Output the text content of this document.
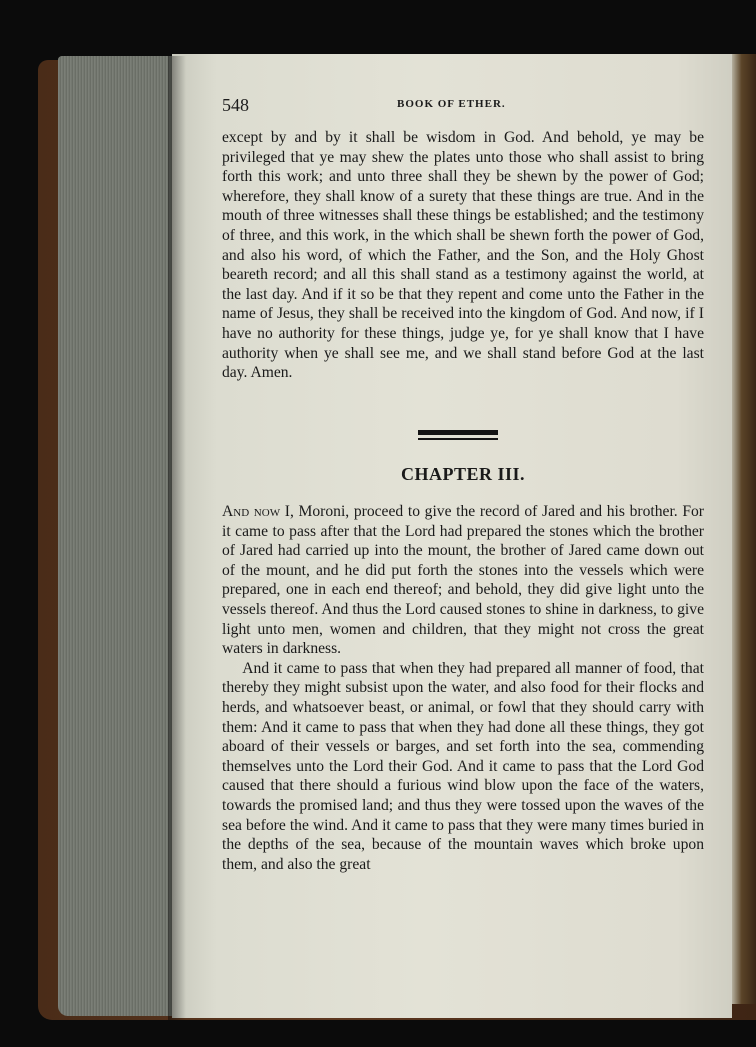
548	BOOK OF ETHER.

except by and by it shall be wisdom in God. And behold, ye may be privileged that ye may shew the plates unto those who shall assist to bring forth this work; and unto three shall they be shewn by the power of God; wherefore, they shall know of a surety that these things are true. And in the mouth of three witnesses shall these things be established; and the testimony of three, and this work, in the which shall be shewn forth the power of God, and also his word, of which the Father, and the Son, and the Holy Ghost beareth record; and all this shall stand as a testimony against the world, at the last day. And if it so be that they repent and come unto the Father in the name of Jesus, they shall be received into the kingdom of God. And now, if I have no authority for these things, judge ye, for ye shall know that I have authority when ye shall see me, and we shall stand before God at the last day. Amen.

CHAPTER III.

And now I, Moroni, proceed to give the record of Jared and his brother. For it came to pass after that the Lord had prepared the stones which the brother of Jared had carried up into the mount, the brother of Jared came down out of the mount, and he did put forth the stones into the vessels which were prepared, one in each end thereof; and behold, they did give light unto the vessels thereof. And thus the Lord caused stones to shine in darkness, to give light unto men, women and children, that they might not cross the great waters in darkness.

And it came to pass that when they had prepared all manner of food, that thereby they might subsist upon the water, and also food for their flocks and herds, and whatsoever beast, or animal, or fowl that they should carry with them: And it came to pass that when they had done all these things, they got aboard of their vessels or barges, and set forth into the sea, commending themselves unto the Lord their God. And it came to pass that the Lord God caused that there should a furious wind blow upon the face of the waters, towards the promised land; and thus they were tossed upon the waves of the sea before the wind. And it came to pass that they were many times buried in the depths of the sea, because of the mountain waves which broke upon them, and also the great
